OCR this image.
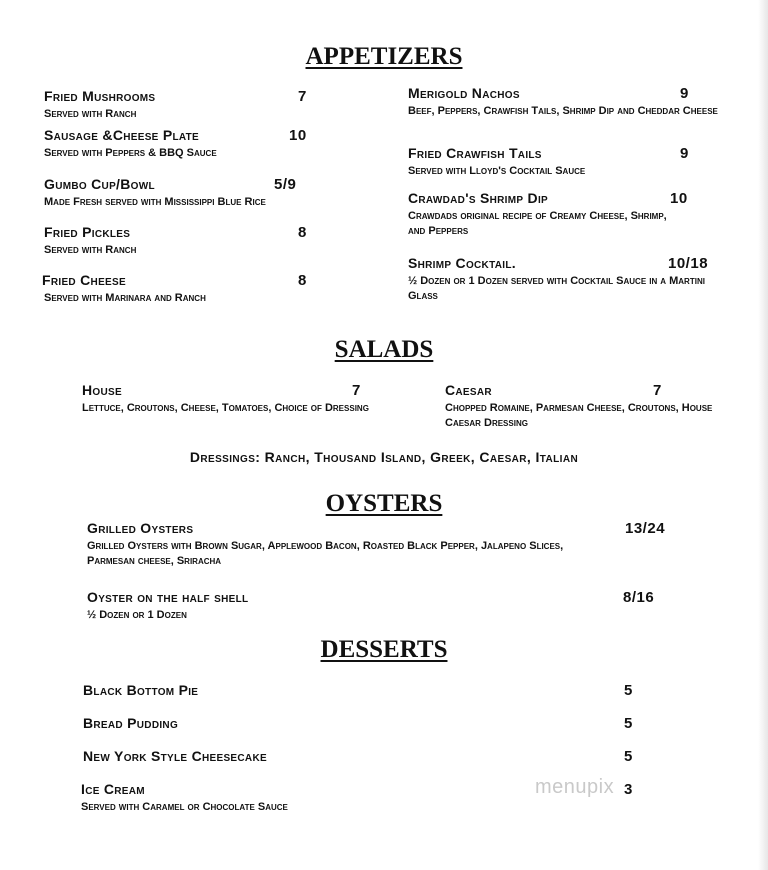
APPETIZERS
Fried Mushrooms	7
Served with Ranch
Sausage &Cheese Plate	10
Served with Peppers & BBQ Sauce
Gumbo Cup/Bowl	5/9
Made Fresh served with Mississippi Blue Rice
Fried Pickles	8
Served with Ranch
Fried Cheese	8
Served with Marinara and Ranch
Merigold Nachos	9
Beef, Peppers, Crawfish Tails, Shrimp Dip and Cheddar Cheese
Fried Crawfish Tails	9
Served with Lloyd's Cocktail Sauce
Crawdad's Shrimp Dip	10
Crawdads original recipe of Creamy Cheese, Shrimp, and Peppers
Shrimp Cocktail.	10/18
½ Dozen or 1 Dozen served with Cocktail Sauce in a Martini Glass
SALADS
House	7
Lettuce, Croutons, Cheese, Tomatoes, Choice of Dressing
Caesar	7
Chopped Romaine, Parmesan Cheese, Croutons, House Caesar Dressing
Dressings: Ranch, Thousand Island, Greek, Caesar, Italian
OYSTERS
Grilled Oysters	13/24
Grilled Oysters with Brown Sugar, Applewood Bacon, Roasted Black Pepper, Jalapeno Slices, Parmesan cheese, Sriracha
Oyster on the half shell	8/16
½ Dozen or 1 Dozen
DESSERTS
Black Bottom Pie	5
Bread Pudding	5
New York Style Cheesecake	5
Ice Cream	3
Served with Caramel or Chocolate Sauce
menupix
